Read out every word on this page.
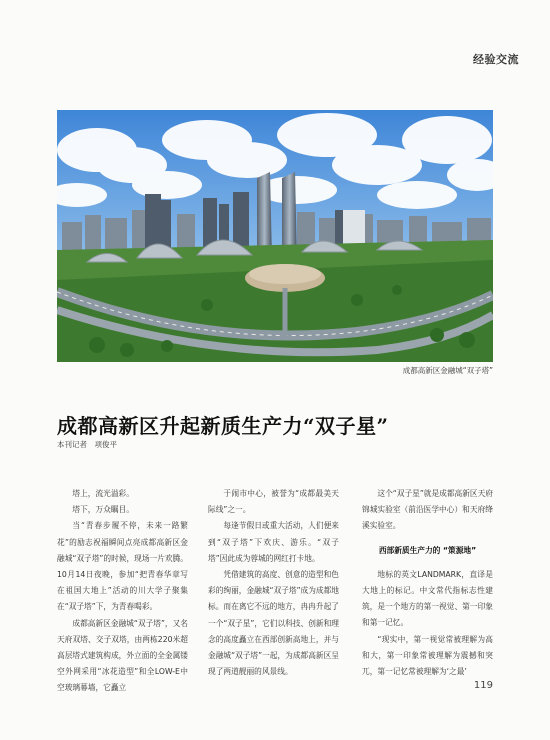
经验交流
成都高新区金融城“双子塔”
成都高新区升起新质生产力“双子星”
本刊记者　项俊平

塔上，流光溢彩。

塔下，万众瞩目。

当“青春步履不停，未来一路繁花”的励志祝福瞬间点亮成都高新区金融城“双子塔”的时候，现场一片欢腾。10月14日夜晚，参加“把青春华章写在祖国大地上”活动的川大学子聚集在“双子塔”下，为青春喝彩。

成都高新区金融城“双子塔”，又名天府双塔、交子双塔，由两栋220米超高层塔式建筑构成，外立面的全金属镂空外网采用“冰花造型”和全LOW-E中空玻璃幕墙，它矗立

于闹市中心，被誉为“成都最美天际线”之一。

每逢节假日或重大活动，人们便来到“双子塔”下欢庆、游乐。“双子塔”因此成为蓉城的网红打卡地。

凭借建筑的高度、创意的造型和色彩的绚丽，金融城“双子塔”成为成都地标。而在离它不远的地方，冉冉升起了一个“双子星”，它们以科技、创新和理念的高度矗立在西部创新高地上，并与金融城“双子塔”一起，为成都高新区呈现了两道靓丽的风景线。

这个“双子星”就是成都高新区天府锦城实验室（前沿医学中心）和天府绛溪实验室。

西部新质生产力的 “策源地”

地标的英文LANDMARK，直译是大地上的标记。中文常代指标志性建筑，是一个地方的第一视觉、第一印象和第一记忆。

“现实中，第一视觉常被理解为高和大，第一印象常被理解为震撼和突兀，第一记忆常被理解为‘之最’

119
